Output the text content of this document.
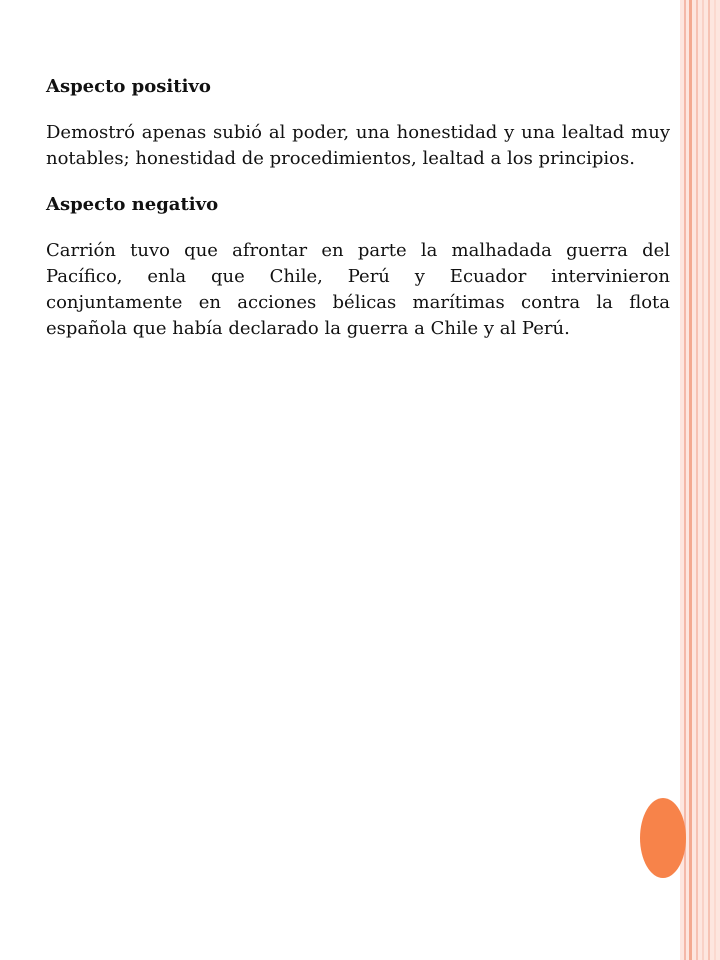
Aspecto positivo

Demostró apenas subió al poder, una honestidad y una lealtad muy notables; honestidad de procedimientos, lealtad a los principios.

Aspecto negativo

Carrión tuvo que afrontar en parte la malhadada guerra del Pacífico, enla que Chile, Perú y Ecuador intervinieron conjuntamente en acciones bélicas marítimas contra la flota española que había declarado la guerra a Chile y al Perú.
